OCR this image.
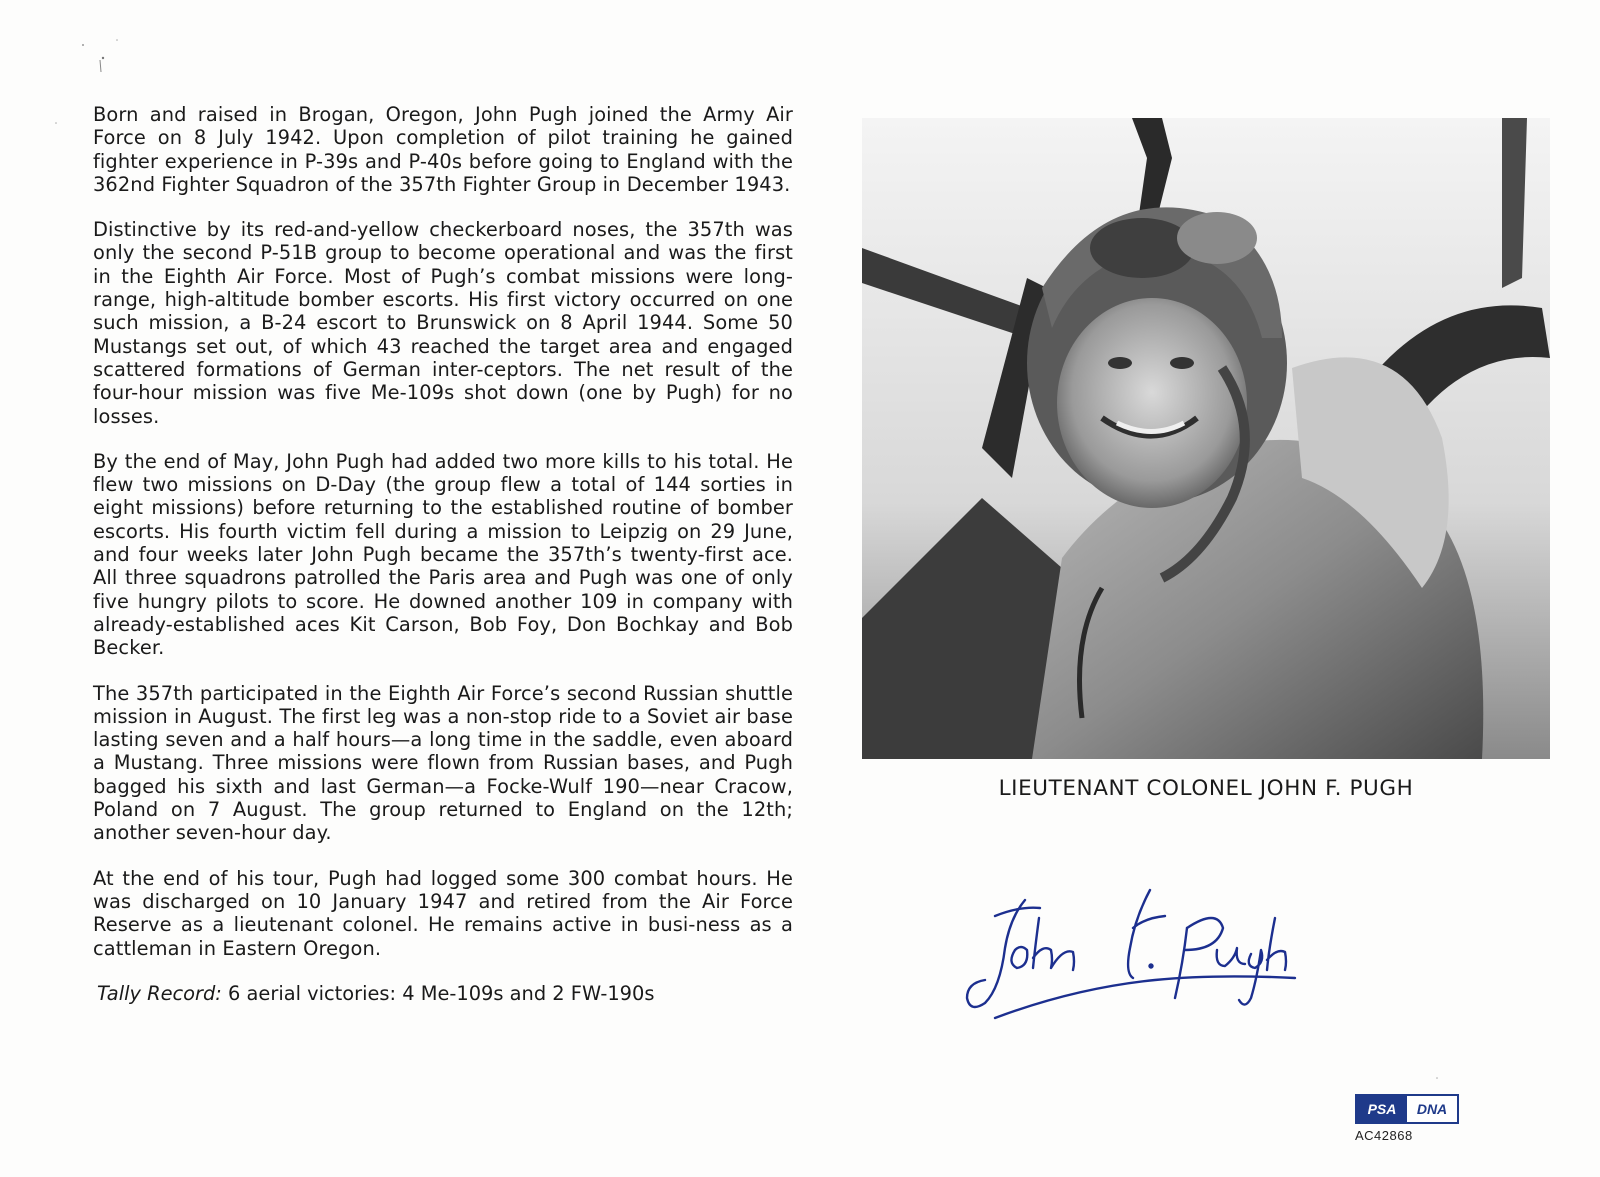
Born and raised in Brogan, Oregon, John Pugh joined the Army Air Force on 8 July 1942. Upon completion of pilot training he gained fighter experience in P-39s and P-40s before going to England with the 362nd Fighter Squadron of the 357th Fighter Group in December 1943.

Distinctive by its red-and-yellow checkerboard noses, the 357th was only the second P-51B group to become operational and was the first in the Eighth Air Force. Most of Pugh’s combat missions were long-range, high-altitude bomber escorts. His first victory occurred on one such mission, a B-24 escort to Brunswick on 8 April 1944. Some 50 Mustangs set out, of which 43 reached the target area and engaged scattered formations of German inter-ceptors. The net result of the four-hour mission was five Me-109s shot down (one by Pugh) for no losses.

By the end of May, John Pugh had added two more kills to his total. He flew two missions on D-Day (the group flew a total of 144 sorties in eight missions) before returning to the established routine of bomber escorts. His fourth victim fell during a mission to Leipzig on 29 June, and four weeks later John Pugh became the 357th’s twenty-first ace. All three squadrons patrolled the Paris area and Pugh was one of only five hungry pilots to score. He downed another 109 in company with already-established aces Kit Carson, Bob Foy, Don Bochkay and Bob Becker.

The 357th participated in the Eighth Air Force’s second Russian shuttle mission in August. The first leg was a non-stop ride to a Soviet air base lasting seven and a half hours—a long time in the saddle, even aboard a Mustang. Three missions were flown from Russian bases, and Pugh bagged his sixth and last German—a Focke-Wulf 190—near Cracow, Poland on 7 August. The group returned to England on the 12th; another seven-hour day.

At the end of his tour, Pugh had logged some 300 combat hours. He was discharged on 10 January 1947 and retired from the Air Force Reserve as a lieutenant colonel. He remains active in busi-ness as a cattleman in Eastern Oregon.

Tally Record: 6 aerial victories: 4 Me-109s and 2 FW-190s
LIEUTENANT COLONEL JOHN F. PUGH
PSA	DNA
AC42868
